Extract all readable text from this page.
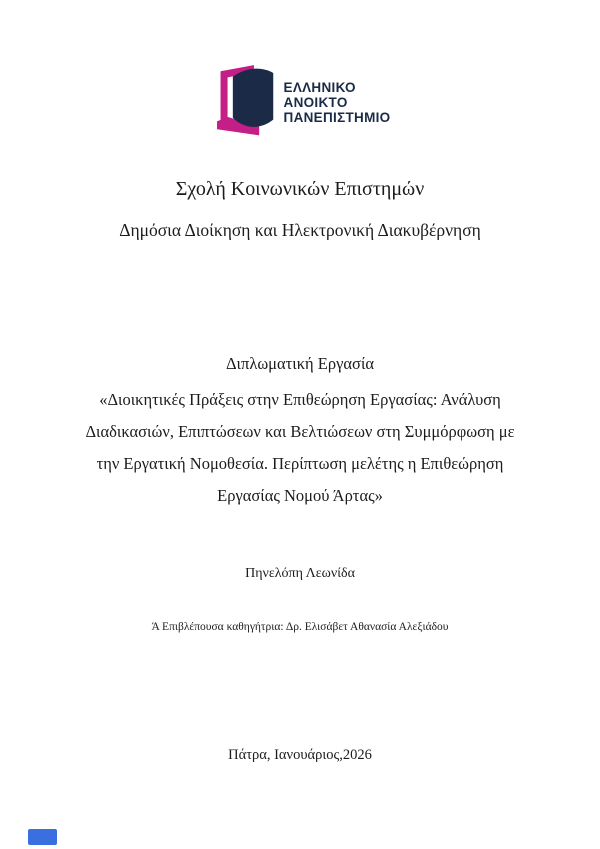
ΕΛΛΗΝΙΚΟ
ΑΝΟΙΚΤΟ
ΠΑΝΕΠΙΣΤΗΜΙΟ
Σχολή Κοινωνικών Επιστημών
Δημόσια Διοίκηση και Ηλεκτρονική Διακυβέρνηση
Διπλωματική Εργασία
«Διοικητικές Πράξεις στην Επιθεώρηση Εργασίας: Ανάλυση
Διαδικασιών, Επιπτώσεων και Βελτιώσεων στη Συμμόρφωση με
την Εργατική Νομοθεσία. Περίπτωση μελέτης η Επιθεώρηση
Εργασίας Νομού Άρτας»
Πηνελόπη Λεωνίδα
Ά Επιβλέπουσα καθηγήτρια: Δρ. Ελισάβετ Αθανασία Αλεξιάδου
Πάτρα, Ιανουάριος,2026
